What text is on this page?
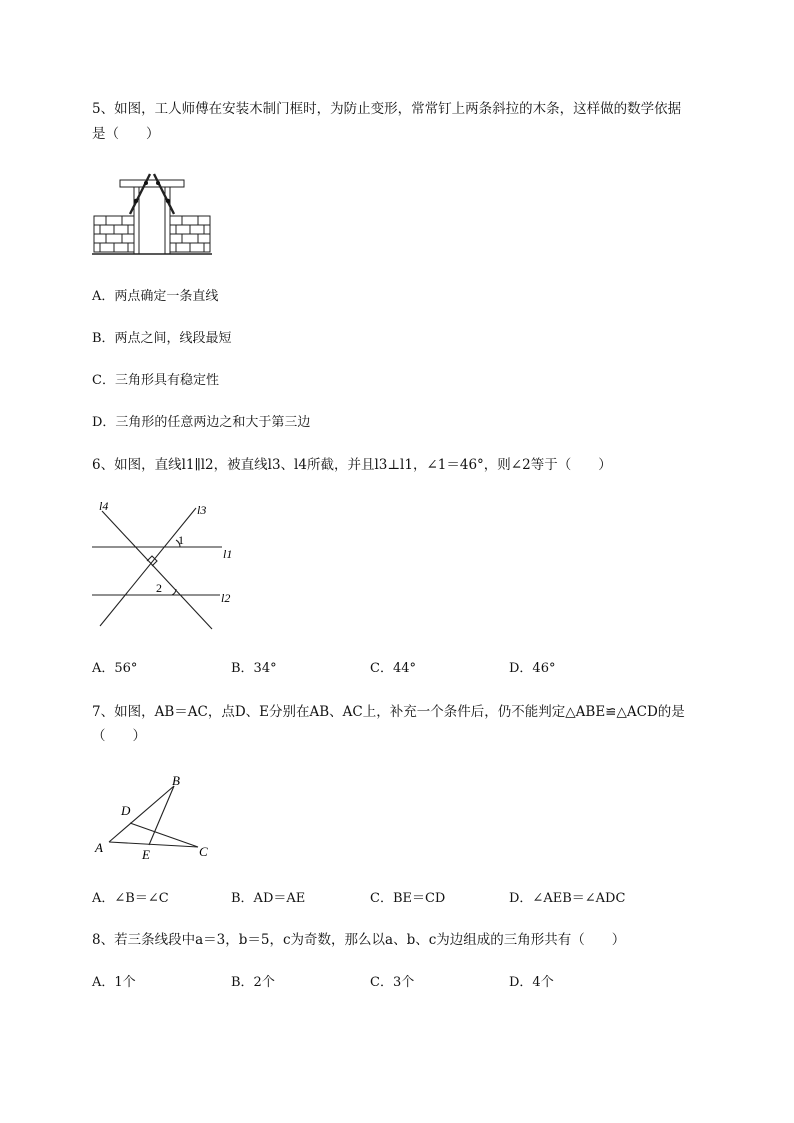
5、如图，工人师傅在安装木制门框时，为防止变形，常常钉上两条斜拉的木条，这样做的数学依据
是（　　）
A．两点确定一条直线
B．两点之间，线段最短
C．三角形具有稳定性
D．三角形的任意两边之和大于第三边
6、如图，直线l1∥l2，被直线l3、l4所截，并且l3⊥l1，∠1＝46°，则∠2等于（　　）
l4	l3
l1
l2
1
2
A．56°	B．34°	C．44°	D．46°
7、如图，AB＝AC，点D、E分别在AB、AC上，补充一个条件后，仍不能判定△ABE≌△ACD的是
（　　）
B
D
A	E	C
A．∠B＝∠C	B．AD＝AE	C．BE＝CD	D．∠AEB＝∠ADC
8、若三条线段中a＝3，b＝5，c为奇数，那么以a、b、c为边组成的三角形共有（　　）
A．1个	B．2个	C．3个	D．4个
